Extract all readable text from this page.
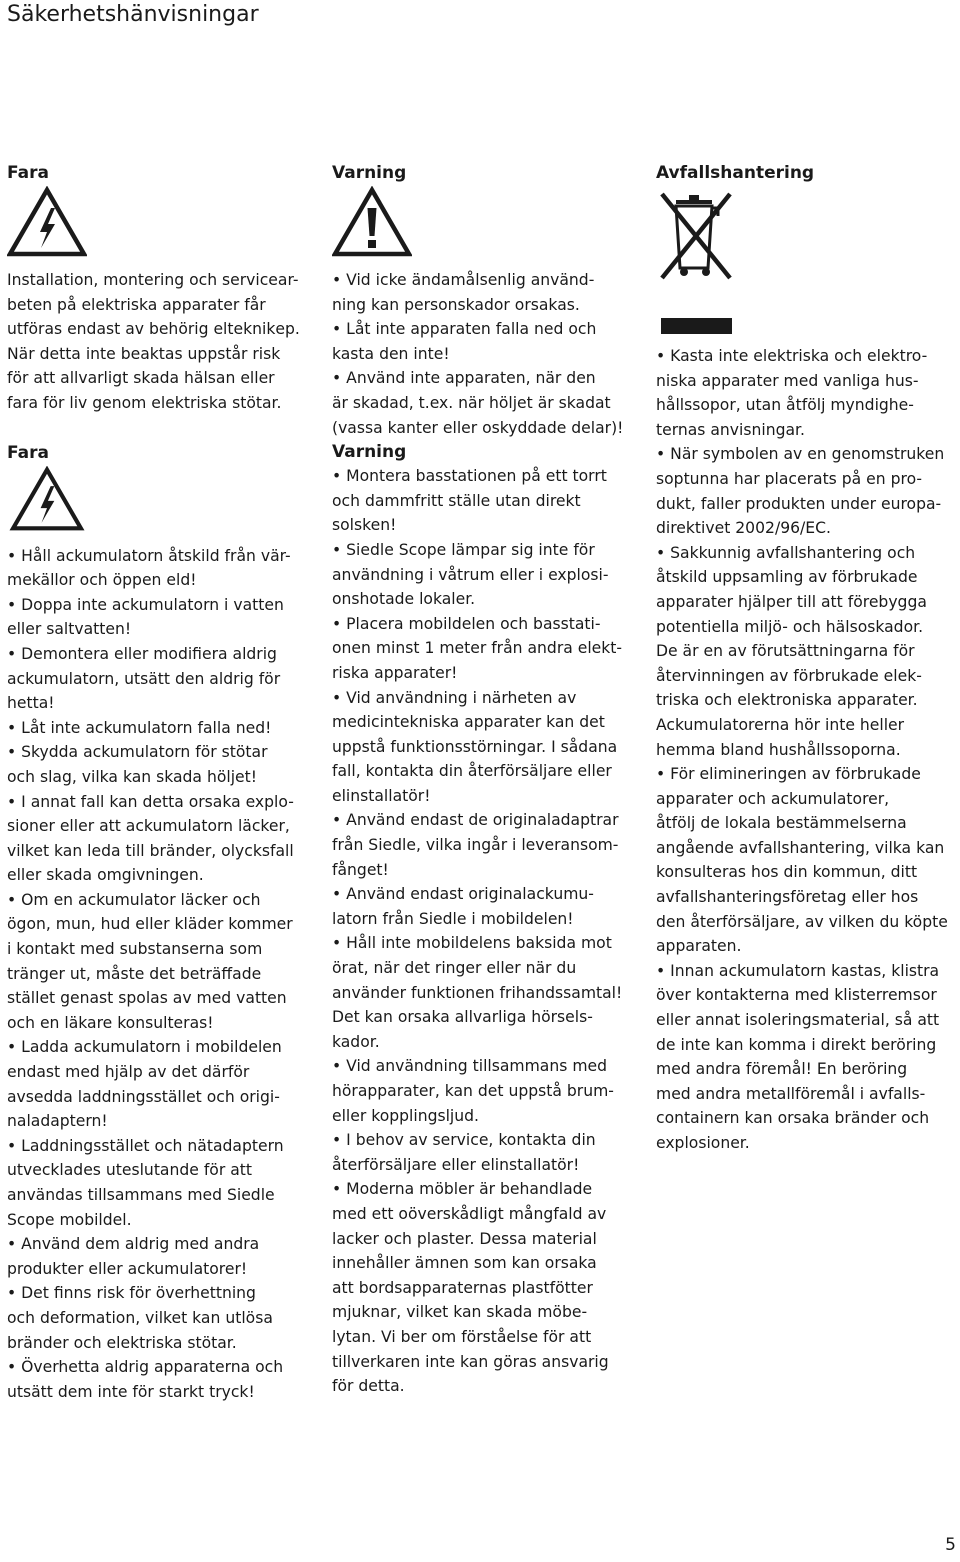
Säkerhetshänvisningar
Fara

Installation, montering och servicear-

beten på elektriska apparater får

utföras endast av behörig elteknikер.

När detta inte beaktas uppstår risk

för att allvarligt skada hälsan eller

fara för liv genom elektriska stötar.

Fara

• Håll ackumulatorn åtskild från vär-

mekällor och öppen eld!

• Doppa inte ackumulatorn i vatten

eller saltvatten!

• Demontera eller modifiera aldrig

ackumulatorn, utsätt den aldrig för

hetta!

• Låt inte ackumulatorn falla ned!

• Skydda ackumulatorn för stötar

och slag, vilka kan skada höljet!

• I annat fall kan detta orsaka explo-

sioner eller att ackumulatorn läcker,

vilket kan leda till bränder, olycksfall

eller skada omgivningen.

• Om en ackumulator läcker och

ögon, mun, hud eller kläder kommer

i kontakt med substanserna som

tränger ut, måste det beträffade

stället genast spolas av med vatten

och en läkare konsulteras!

• Ladda ackumulatorn i mobildelen

endast med hjälp av det därför

avsedda laddningsstället och origi-

naladaptern!

• Laddningsstället och nätadaptern

utvecklades uteslutande för att

användas tillsammans med Siedle

Scope mobildel.

• Använd dem aldrig med andra

produkter eller ackumulatorer!

• Det finns risk för överhettning

och deformation, vilket kan utlösa

bränder och elektriska stötar.

• Överhetta aldrig apparaterna och

utsätt dem inte för starkt tryck!

Varning

• Vid icke ändamålsenlig använd-

ning kan personskador orsakas.

• Låt inte apparaten falla ned och

kasta den inte!

• Använd inte apparaten, när den

är skadad, t.ex. när höljet är skadat

(vassa kanter eller oskyddade delar)!

Varning

• Montera basstationen på ett torrt

och dammfritt ställe utan direkt

solsken!

• Siedle Scope lämpar sig inte för

användning i våtrum eller i explosi-

onshotade lokaler.

• Placera mobildelen och basstati-

onen minst 1 meter från andra elekt-

riska apparater!

• Vid användning i närheten av

medicintekniska apparater kan det

uppstå funktionsstörningar. I sådana

fall, kontakta din återförsäljare eller

elinstallatör!

• Använd endast de originaladaptrar

från Siedle, vilka ingår i leveransom-

fånget!

• Använd endast originalackumu-

latorn från Siedle i mobildelen!

• Håll inte mobildelens baksida mot

örat, när det ringer eller när du

använder funktionen frihandssamtal!

Det kan orsaka allvarliga hörsels-

kador.

• Vid användning tillsammans med

hörapparater, kan det uppstå brum-

eller kopplingsljud.

• I behov av service, kontakta din

återförsäljare eller elinstallatör!

• Moderna möbler är behandlade

med ett oöverskådligt mångfald av

lacker och plaster. Dessa material

innehåller ämnen som kan orsaka

att bordsapparaternas plastfötter

mjuknar, vilket kan skada möbe-

lytan. Vi ber om förståelse för att

tillverkaren inte kan göras ansvarig

för detta.

Avfallshantering

• Kasta inte elektriska och elektro-

niska apparater med vanliga hus-

hållssopor, utan åtfölj myndighe-

ternas anvisningar.

• När symbolen av en genomstruken

soptunna har placerats på en pro-

dukt, faller produkten under europa-

direktivet 2002/96/EC.

• Sakkunnig avfallshantering och

åtskild uppsamling av förbrukade

apparater hjälper till att förebygga

potentiella miljö- och hälsoskador.

De är en av förutsättningarna för

återvinningen av förbrukade elek-

triska och elektroniska apparater.

Ackumulatorerna hör inte heller

hemma bland hushållssoporna.

• För elimineringen av förbrukade

apparater och ackumulatorer,

åtfölj de lokala bestämmelserna

angående avfallshantering, vilka kan

konsulteras hos din kommun, ditt

avfallshanteringsföretag eller hos

den återförsäljare, av vilken du köpte

apparaten.

• Innan ackumulatorn kastas, klistra

över kontakterna med klisterremsor

eller annat isoleringsmaterial, så att

de inte kan komma i direkt beröring

med andra föremål! En beröring

med andra metallföremål i avfalls-

containern kan orsaka bränder och

explosioner.

5
